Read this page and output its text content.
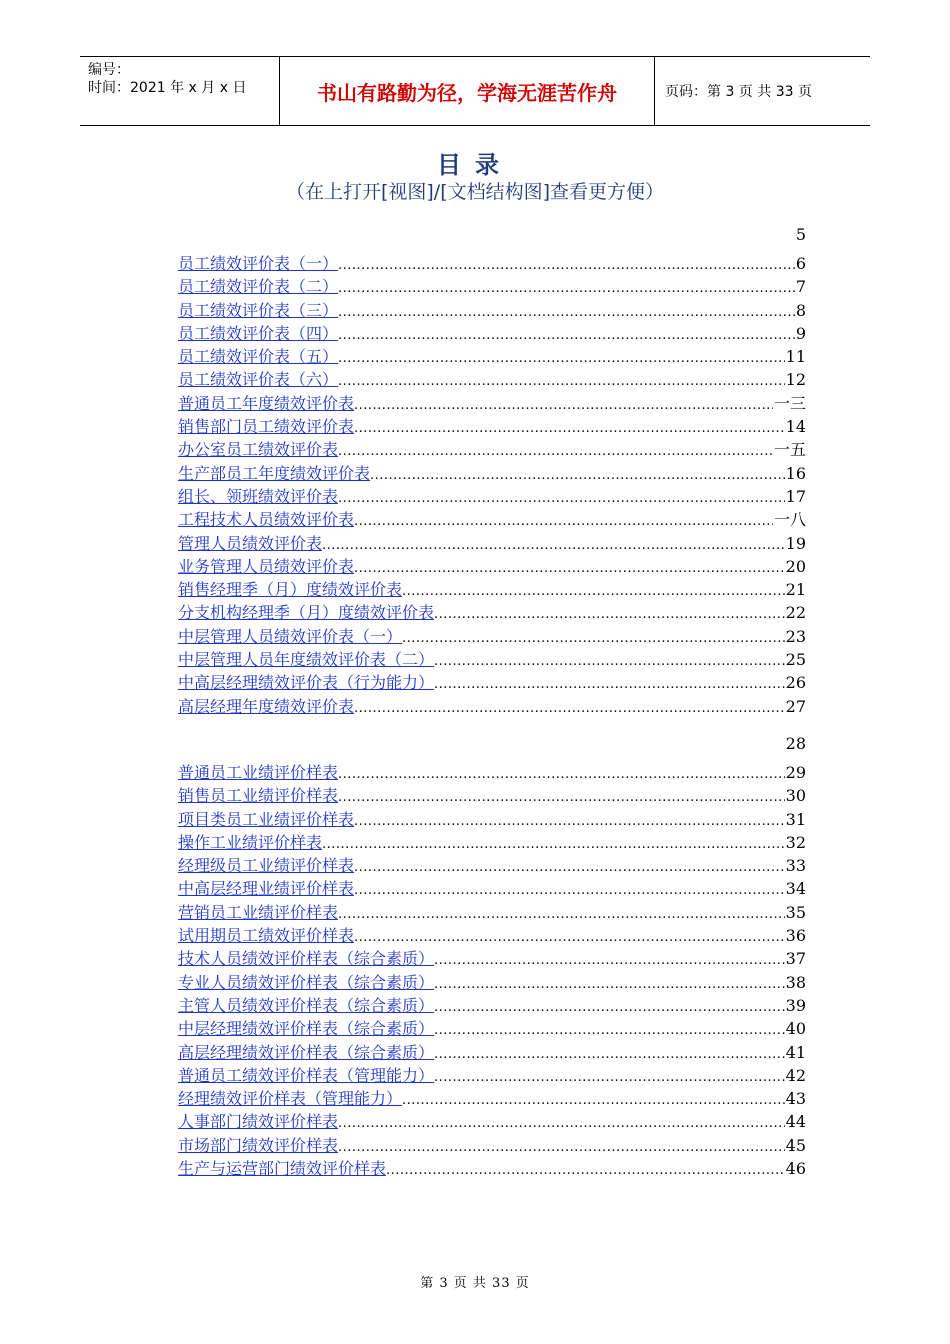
编号：
时间：2021 年 x 月 x 日	书山有路勤为径，学海无涯苦作舟	页码：第 3 页 共 33 页
目录
（在上打开[视图]/[文档结构图]查看更方便）
5
员工绩效评价表（一） .....	6
员工绩效评价表（二） .....	7
员工绩效评价表（三） .....	8
员工绩效评价表（四） .....	9
员工绩效评价表（五） .....	11
员工绩效评价表（六） .....	12
普通员工年度绩效评价表 .....	一三
销售部门员工绩效评价表 .....	14
办公室员工绩效评价表 .....	一五
生产部员工年度绩效评价表 .....	16
组长、领班绩效评价表 .....	17
工程技术人员绩效评价表 .....	一八
管理人员绩效评价表 .....	19
业务管理人员绩效评价表 .....	20
销售经理季（月）度绩效评价表 .....	21
分支机构经理季（月）度绩效评价表 .....	22
中层管理人员绩效评价表（一） .....	23
中层管理人员年度绩效评价表（二） .....	25
中高层经理绩效评价表（行为能力） .....	26
高层经理年度绩效评价表 .....	27
28
普通员工业绩评价样表 .....	29
销售员工业绩评价样表 .....	30
项目类员工业绩评价样表 .....	31
操作工业绩评价样表 .....	32
经理级员工业绩评价样表 .....	33
中高层经理业绩评价样表 .....	34
营销员工业绩评价样表 .....	35
试用期员工绩效评价样表 .....	36
技术人员绩效评价样表（综合素质） .....	37
专业人员绩效评价样表（综合素质） .....	38
主管人员绩效评价样表（综合素质） .....	39
中层经理绩效评价样表（综合素质） .....	40
高层经理绩效评价样表（综合素质） .....	41
普通员工绩效评价样表（管理能力） .....	42
经理绩效评价样表（管理能力） .....	43
人事部门绩效评价样表 .....	44
市场部门绩效评价样表 .....	45
生产与运营部门绩效评价样表 .....	46
第 3 页 共 33 页
